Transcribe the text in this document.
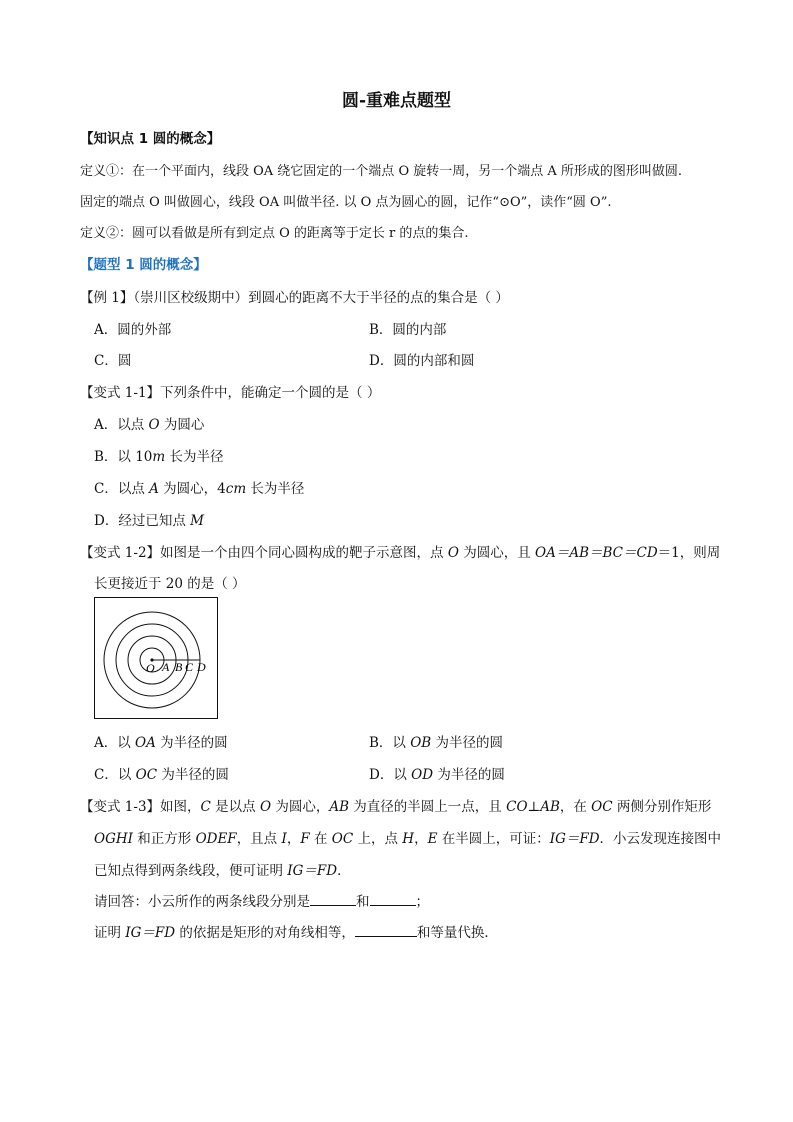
圆-重难点题型
【知识点 1 圆的概念】
定义①：在一个平面内，线段 OA 绕它固定的一个端点 O 旋转一周，另一个端点 A 所形成的图形叫做圆.
固定的端点 O 叫做圆心，线段 OA 叫做半径. 以 O 点为圆心的圆，记作“⊙O”，读作“圆 O”.
定义②：圆可以看做是所有到定点 O 的距离等于定长 r 的点的集合.
【题型 1 圆的概念】
【例 1】（崇川区校级期中）到圆心的距离不大于半径的点的集合是（ ）
A．圆的外部	B．圆的内部
C．圆	D．圆的内部和圆
【变式 1-1】下列条件中，能确定一个圆的是（ ）
A．以点 O 为圆心
B．以 10m 长为半径
C．以点 A 为圆心，4cm 长为半径
D．经过已知点 M
【变式 1-2】如图是一个由四个同心圆构成的靶子示意图，点 O 为圆心，且 OA＝AB＝BC＝CD＝1，则周
长更接近于 20 的是（ ）
O A B C D
A．以 OA 为半径的圆	B．以 OB 为半径的圆
C．以 OC 为半径的圆	D．以 OD 为半径的圆
【变式 1-3】如图，C 是以点 O 为圆心，AB 为直径的半圆上一点，且 CO⊥AB，在 OC 两侧分别作矩形
OGHI 和正方形 ODEF，且点 I，F 在 OC 上，点 H，E 在半圆上，可证：IG＝FD．小云发现连接图中
已知点得到两条线段，便可证明 IG＝FD．
请回答：小云所作的两条线段分别是	和	；
证明 IG＝FD 的依据是矩形的对角线相等，	和等量代换．
